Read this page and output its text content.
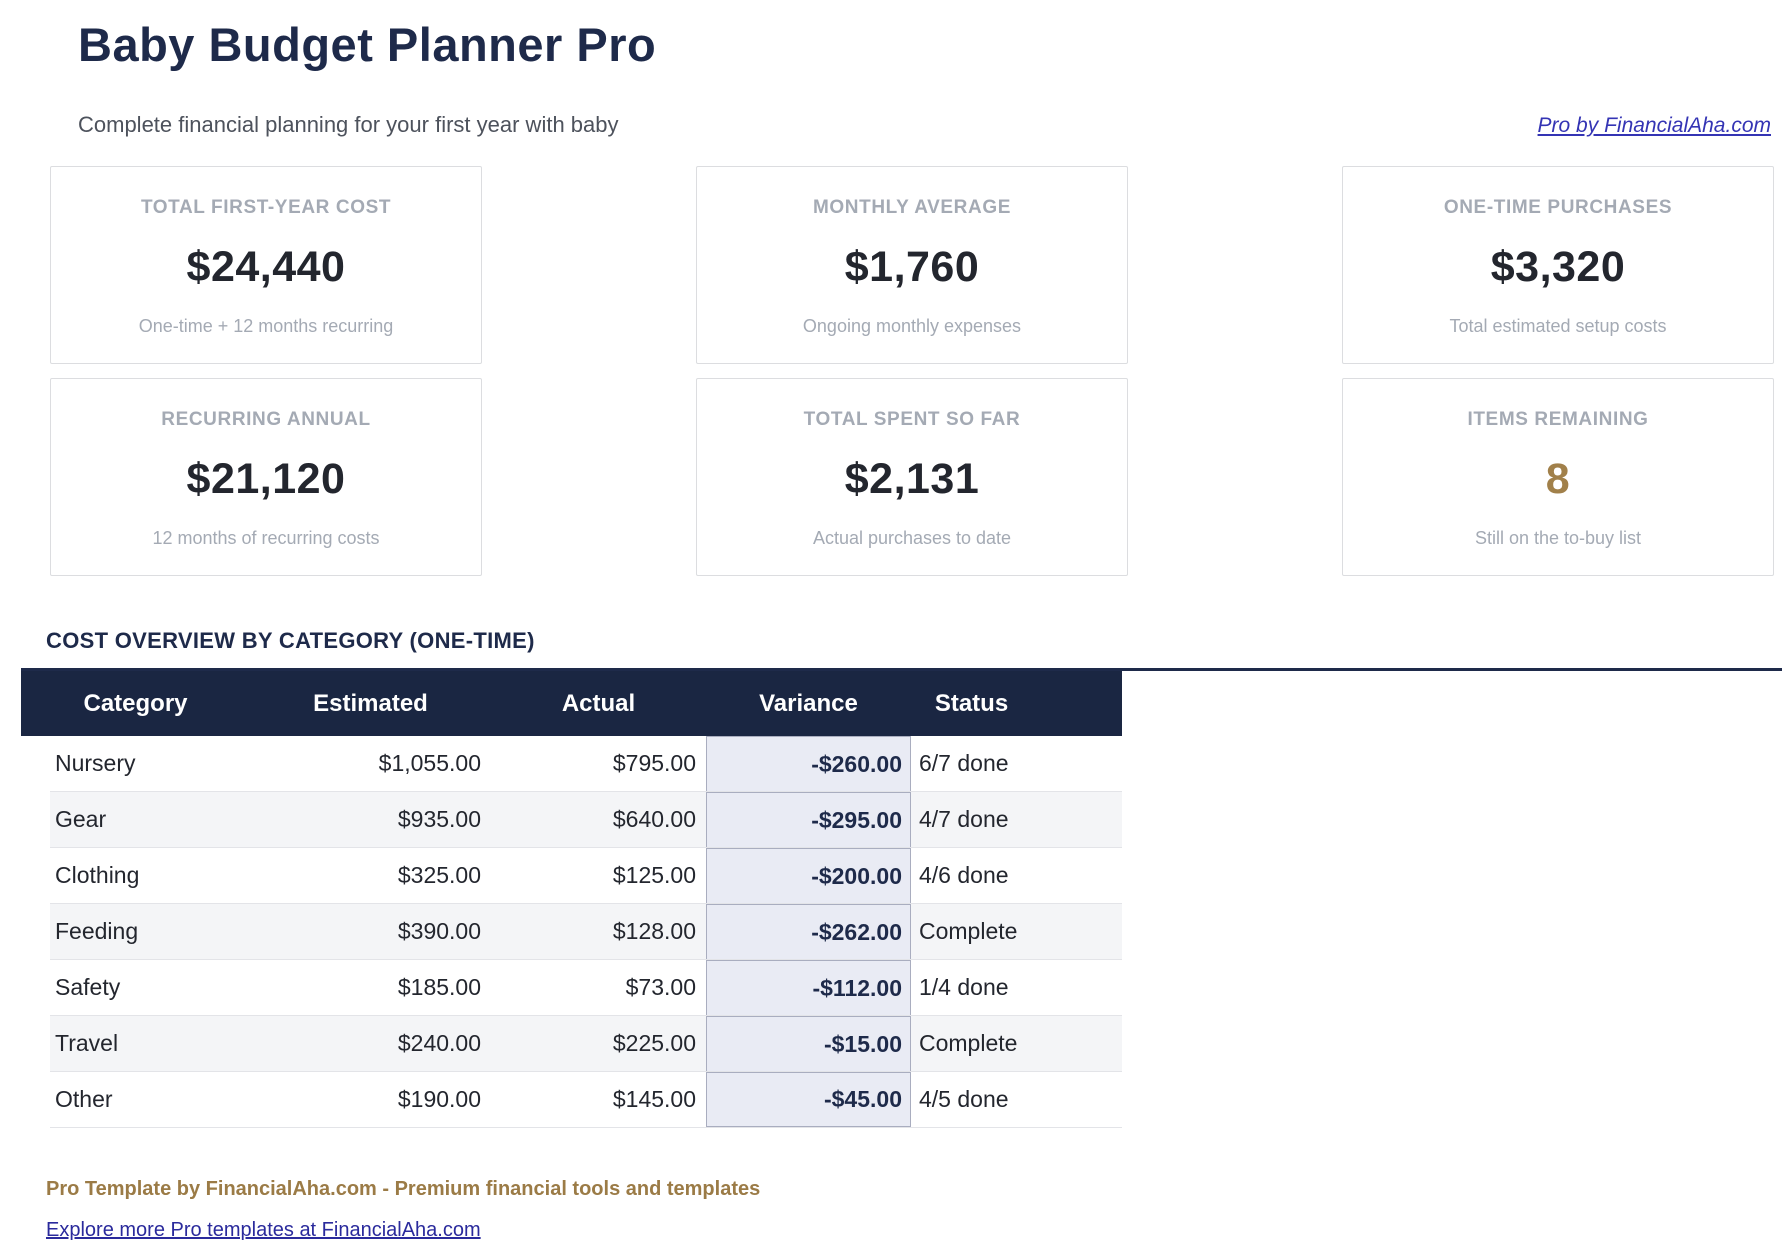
Baby Budget Planner Pro
Complete financial planning for your first year with baby	Pro by FinancialAha.com
TOTAL FIRST-YEAR COST
$24,440
One-time + 12 months recurring
MONTHLY AVERAGE
$1,760
Ongoing monthly expenses
ONE-TIME PURCHASES
$3,320
Total estimated setup costs
RECURRING ANNUAL
$21,120
12 months of recurring costs
TOTAL SPENT SO FAR
$2,131
Actual purchases to date
ITEMS REMAINING
8
Still on the to-buy list
COST OVERVIEW BY CATEGORY (ONE-TIME)
Category	Estimated	Actual	Variance	Status
Nursery	$1,055.00	$795.00	-$260.00 6/7 done
Gear	$935.00	$640.00	-$295.00 4/7 done
Clothing	$325.00	$125.00	-$200.00 4/6 done
Feeding	$390.00	$128.00	-$262.00 Complete
Safety	$185.00	$73.00	-$112.00 1/4 done
Travel	$240.00	$225.00	-$15.00 Complete
Other	$190.00	$145.00	-$45.00 4/5 done
Pro Template by FinancialAha.com - Premium financial tools and templates
Explore more Pro templates at FinancialAha.com
